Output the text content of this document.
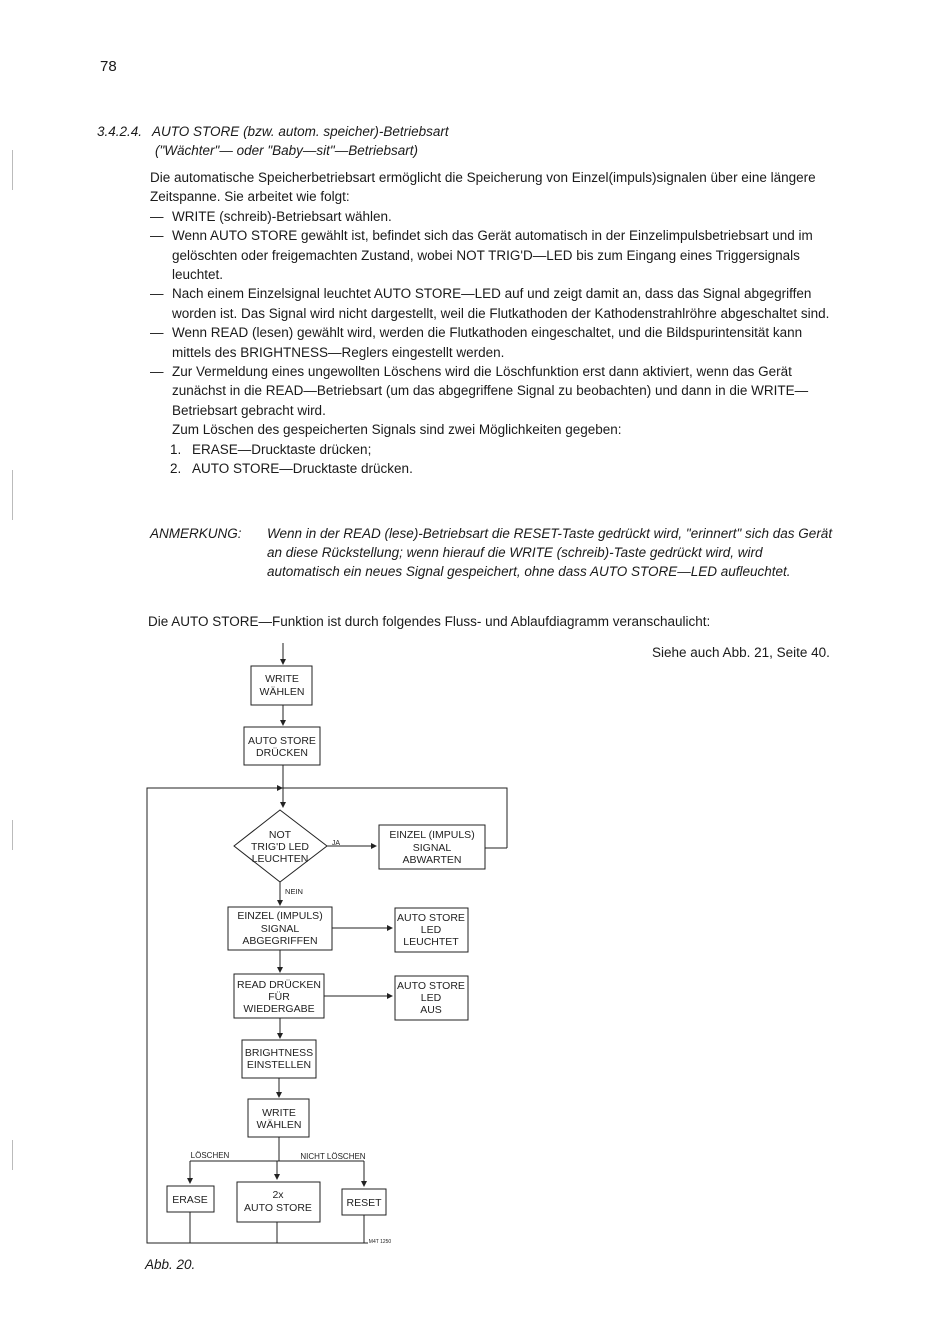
78
3.4.2.4. AUTO STORE (bzw. autom. speicher)-Betriebsart
("Wächter"— oder "Baby—sit"—Betriebsart)

Die automatische Speicherbetriebsart ermöglicht die Speicherung von Einzel(impuls)signalen über eine längere Zeitspanne. Sie arbeitet wie folgt:

— WRITE (schreib)-Betriebsart wählen.
— Wenn AUTO STORE gewählt ist, befindet sich das Gerät automatisch in der Einzelimpulsbetriebsart und im gelöschten oder freigemachten Zustand, wobei NOT TRIG'D—LED bis zum Eingang eines Triggersignals leuchtet.
— Nach einem Einzelsignal leuchtet AUTO STORE—LED auf und zeigt damit an, dass das Signal abgegriffen worden ist. Das Signal wird nicht dargestellt, weil die Flutkathoden der Kathodenstrahlröhre abgeschaltet sind.
— Wenn READ (lesen) gewählt wird, werden die Flutkathoden eingeschaltet, und die Bildspurintensität kann mittels des BRIGHTNESS—Reglers eingestellt werden.
— Zur Vermeldung eines ungewollten Löschens wird die Löschfunktion erst dann aktiviert, wenn das Gerät zunächst in die READ—Betriebsart (um das abgegriffene Signal zu beobachten) und dann in die WRITE—Betriebsart gebracht wird.
Zum Löschen des gespeicherten Signals sind zwei Möglichkeiten gegeben:
1. ERASE—Drucktaste drücken;
2. AUTO STORE—Drucktaste drücken.
ANMERKUNG: Wenn in der READ (lese)-Betriebsart die RESET-Taste gedrückt wird, "erinnert" sich das Gerät an diese Rückstellung; wenn hierauf die WRITE (schreib)-Taste gedrückt wird, wird automatisch ein neues Signal gespeichert, ohne dass AUTO STORE—LED aufleuchtet.
Die AUTO STORE—Funktion ist durch folgendes Fluss- und Ablaufdiagramm veranschaulicht:
Siehe auch Abb. 21, Seite 40.
WRITE
WÄHLEN
AUTO STORE
DRÜCKEN
NOT
TRIG'D LED
LEUCHTEN
JA
NEIN
EINZEL (IMPULS)
SIGNAL
ABWARTEN
EINZEL (IMPULS)
SIGNAL
ABGEGRIFFEN
AUTO STORE
LED
LEUCHTET
READ DRÜCKEN
FÜR
WIEDERGABE
AUTO STORE
LED
AUS
BRIGHTNESS
EINSTELLEN
WRITE
WÄHLEN
LÖSCHEN	NICHT LÖSCHEN
ERASE	2x
AUTO STORE	RESET
M4T 1250
Abb. 20.
